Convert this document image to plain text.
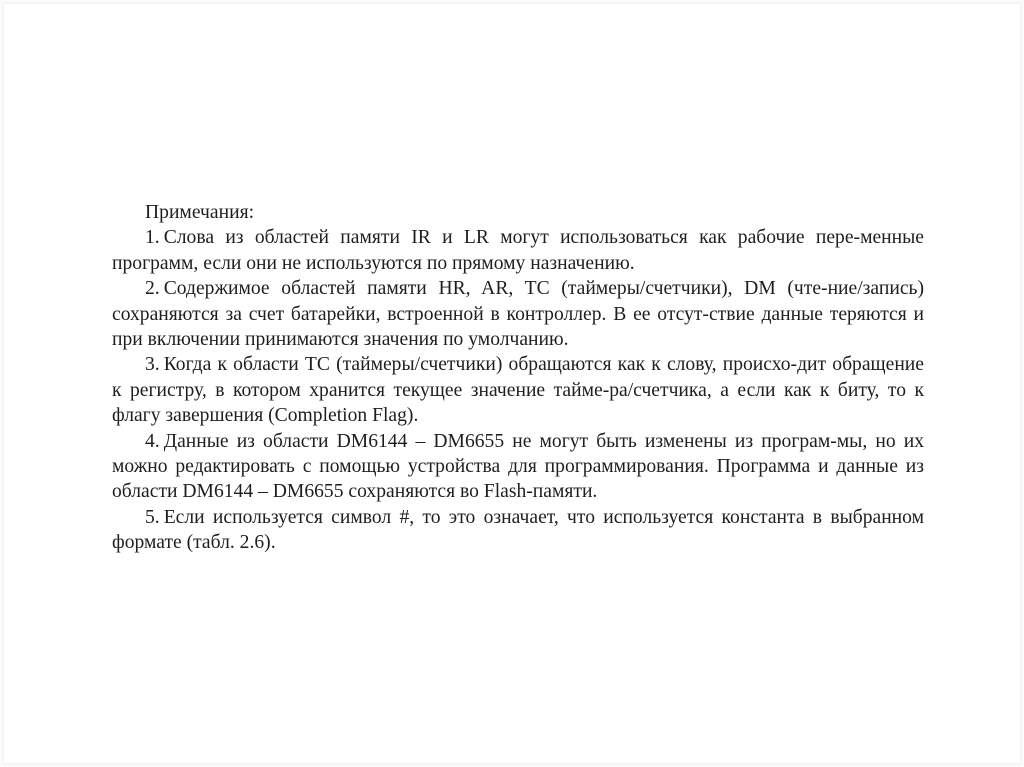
Примечания:

1. Слова из областей памяти IR и LR могут использоваться как рабочие пере-менные программ, если они не используются по прямому назначению.

2. Содержимое областей памяти HR, AR, TC (таймеры/счетчики), DM (чте-ние/запись) сохраняются за счет батарейки, встроенной в контроллер. В ее отсут-ствие данные теряются и при включении принимаются значения по умолчанию.

3. Когда к области ТС (таймеры/счетчики) обращаются как к слову, происхо-дит обращение к регистру, в котором хранится текущее значение тайме-ра/счетчика, а если как к биту, то к флагу завершения (Completion Flag).

4. Данные из области DM6144 – DM6655 не могут быть изменены из програм-мы, но их можно редактировать с помощью устройства для программирования. Программа и данные из области DM6144 – DM6655 сохраняются во Flash-памяти.

5. Если используется символ #, то это означает, что используется константа в выбранном формате (табл. 2.6).
